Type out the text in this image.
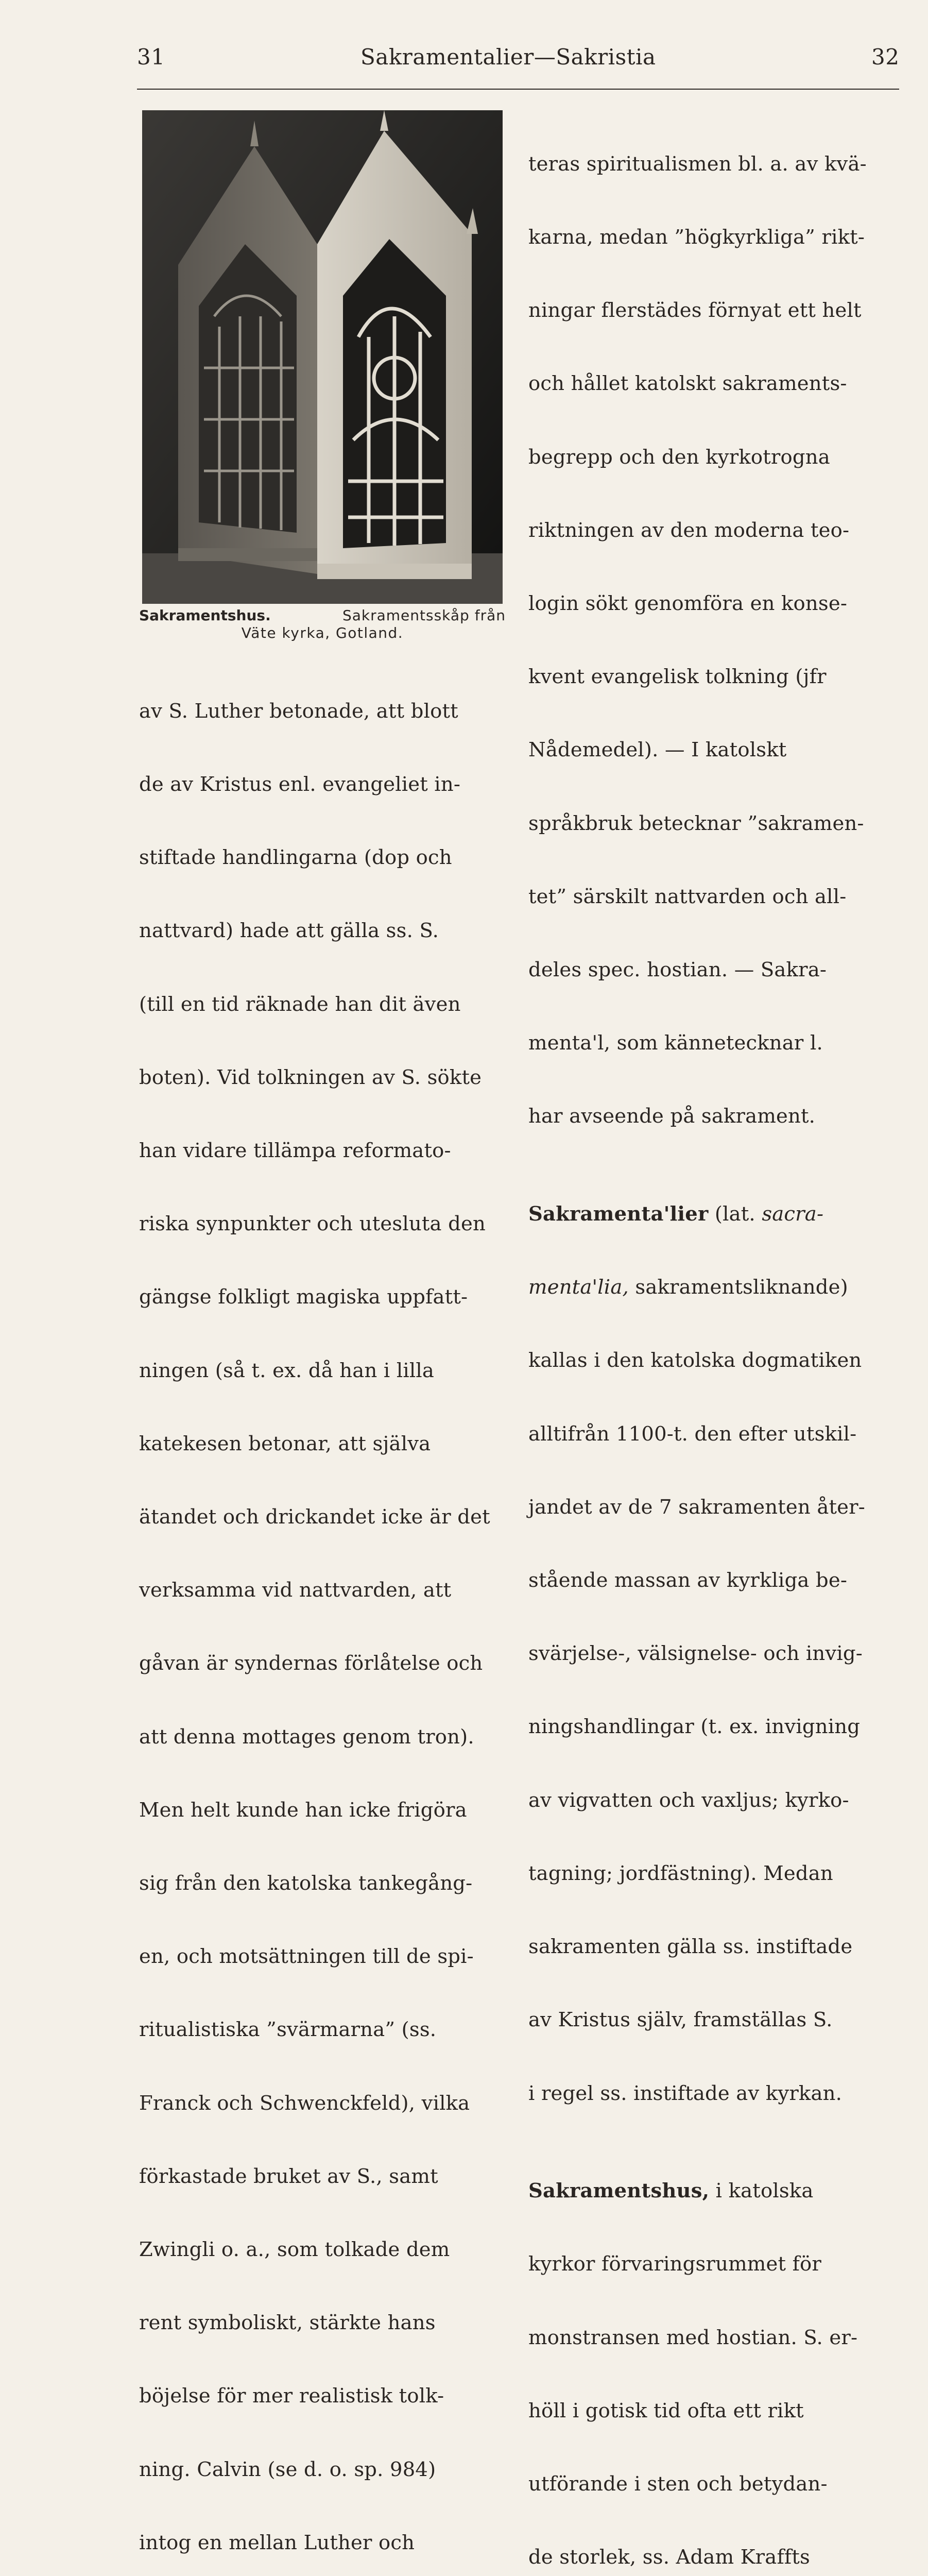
31	Sakramentalier—Sakristia	32
Sakramentshus.	Sakramentsskåp från
Väte kyrka, Gotland.

av S. Luther betonade, att blott

de av Kristus enl. evangeliet in-

stiftade handlingarna (dop och

nattvard) hade att gälla ss. S.

(till en tid räknade han dit även

boten). Vid tolkningen av S. sökte

han vidare tillämpa reformato-

riska synpunkter och utesluta den

gängse folkligt magiska uppfatt-

ningen (så t. ex. då han i lilla

katekesen betonar, att själva

ätandet och drickandet icke är det

verksamma vid nattvarden, att

gåvan är syndernas förlåtelse och

att denna mottages genom tron).

Men helt kunde han icke frigöra

sig från den katolska tankegång-

en, och motsättningen till de spi-

ritualistiska ”svärmarna” (ss.

Franck och Schwenckfeld), vilka

förkastade bruket av S., samt

Zwingli o. a., som tolkade dem

rent symboliskt, stärkte hans

böjelse för mer realistisk tolk-

ning. Calvin (se d. o. sp. 984)

intog en mellan Luther och

teras spiritualismen bl. a. av kvä-

karna, medan ”högkyrkliga” rikt-

ningar flerstädes förnyat ett helt

och hållet katolskt sakraments-

begrepp och den kyrkotrogna

riktningen av den moderna teo-

login sökt genomföra en konse-

kvent evangelisk tolkning (jfr

Nådemedel). — I katolskt

språkbruk betecknar ”sakramen-

tet” särskilt nattvarden och all-

deles spec. hostian. — Sakra-

menta'l, som kännetecknar l.

har avseende på sakrament.

Sakramenta'lier (lat. sacra-

menta'lia, sakramentsliknande)

kallas i den katolska dogmatiken

alltifrån 1100-t. den efter utskil-

jandet av de 7 sakramenten åter-

stående massan av kyrkliga be-

svärjelse-, välsignelse- och invig-

ningshandlingar (t. ex. invigning

av vigvatten och vaxljus; kyrko-

tagning; jordfästning). Medan

sakramenten gälla ss. instiftade

av Kristus själv, framställas S.

i regel ss. instiftade av kyrkan.

Sakramentshus, i katolska

kyrkor förvaringsrummet för

monstransen med hostian. S. er-

höll i gotisk tid ofta ett rikt

utförande i sten och betydan-

de storlek, ss. Adam Kraffts
